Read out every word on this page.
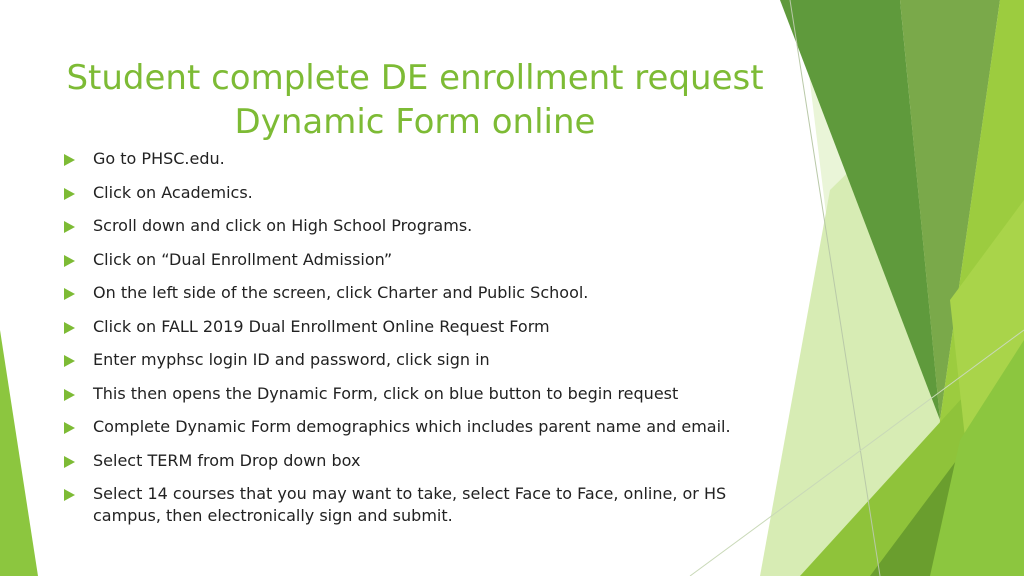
Student complete DE enrollment request
Dynamic Form online
Go to PHSC.edu.
Click on Academics.
Scroll down and click on High School Programs.
Click on “Dual Enrollment Admission”
On the left side of the screen, click Charter and Public School.
Click on FALL 2019 Dual Enrollment Online Request Form
Enter myphsc login ID and password, click sign in
This then opens the Dynamic Form, click on blue button to begin request
Complete Dynamic Form demographics which includes parent name and email.
Select TERM from Drop down box
Select 14 courses that you may want to take, select Face to Face, online, or HS campus, then electronically sign and submit.
